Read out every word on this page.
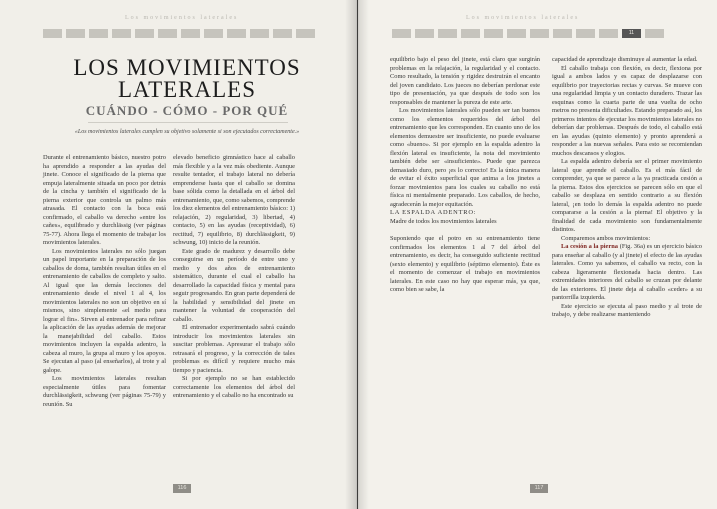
Los movimientos laterales
LOS MOVIMIENTOS
LATERALES
CUÁNDO - CÓMO - POR QUÉ

«Los movimientos laterales cumplen su objetivo solamente si son ejecutados correctamente.»

Durante el entrenamiento básico, nuestro potro ha aprendido a responder a las ayudas del jinete. Conoce el significado de la pierna que empuja lateralmente situada un poco por detrás de la cincha y también el significado de la pierna exterior que controla un palmo más atrasada. El contacto con la boca está confirmado, el caballo va derecho «entre los cañes», equilibrado y durchlässig (ver páginas 75-77). Ahora llega el momento de trabajar los movimientos laterales.

Los movimientos laterales no sólo juegan un papel importante en la preparación de los caballos de doma, también resultan útiles en el entrenamiento de caballos de completo y salto. Al igual que las demás lecciones del entrenamiento desde el nivel 1 al 4, los movimientos laterales no son un objetivo en sí mismos, sino simplemente «el medio para lograr el fin». Sirven al entrenador para refinar la aplicación de las ayudas además de mejorar la manejabilidad del caballo. Estos movimientos incluyen la espalda adentro, la cabeza al muro, la grupa al muro y los apoyos. Se ejecutan al paso (al enseñarlos), al trote y al galope.

Los movimientos laterales resultan especialmente útiles para fomentar durchlässigkeit, schwung (ver páginas 75-79) y reunión. Su

elevado beneficio gimnástico hace al caballo más flexible y a la vez más obediente. Aunque resulte tentador, el trabajo lateral no debería emprenderse hasta que el caballo se domina base sólida como la detallada en el árbol del entrenamiento, que, como sabemos, comprende los diez elementos del entrenamiento básico: 1) relajación, 2) regularidad, 3) libertad, 4) contacto, 5) en las ayudas (receptividad), 6) rectitud, 7) equilibrio, 8) durchlässigkeit, 9) schwung, 10) inicio de la reunión.

Este grado de madurez y desarrollo debe conseguirse en un período de entre uno y medio y dos años de entrenamiento sistemático, durante el cual el caballo ha desarrollado la capacidad física y mental para seguir progresando. En gran parte dependerá de la habilidad y sensibilidad del jinete en mantener la voluntad de cooperación del caballo.

El entrenador experimentado sabrá cuándo introducir los movimientos laterales sin suscitar problemas. Apresurar el trabajo sólo retrasará el progreso, y la corrección de tales problemas es difícil y requiere mucho más tiempo y paciencia.

Si por ejemplo no se han establecido correctamente los elementos del árbol del entrenamiento y el caballo no ha encontrado su

116
Los movimientos laterales
11

equilibrio bajo el peso del jinete, está claro que surgirán problemas en la relajación, la regularidad y el contacto. Como resultado, la tensión y rigidez destruirán el encanto del joven candidato. Los jueces no deberían perdonar este tipo de presentación, ya que después de todo son los responsables de mantener la pureza de este arte.

Los movimientos laterales sólo pueden ser tan buenos como los elementos requeridos del árbol del entrenamiento que les corresponden. En cuanto uno de los elementos demuestre ser insuficiente, no puede evaluarse como «bueno». Si por ejemplo en la espalda adentro la flexión lateral es insuficiente, la nota del movimiento también debe ser «insuficiente». Puede que parezca demasiado duro, pero ¡es lo correcto! Es la única manera de evitar el éxito superficial que anima a los jinetes a forzar movimientos para los cuales su caballo no está física ni mentalmente preparado. Los caballos, de hecho, agradecerán la mejor equitación.

LA ESPALDA ADENTRO:

Madre de todos los movimientos laterales

Suponiendo que el potro en su entrenamiento tiene confirmados los elementos 1 al 7 del árbol del entrenamiento, es decir, ha conseguido suficiente rectitud (sexto elemento) y equilibrio (séptimo elemento). Éste es el momento de comenzar el trabajo en movimientos laterales. En este caso no hay que esperar más, ya que, como bien se sabe, la

capacidad de aprendizaje disminuye al aumentar la edad.

El caballo trabaja con flexión, es decir, flexiona por igual a ambos lados y es capaz de desplazarse con equilibrio por trayectorias rectas y curvas. Se mueve con una regularidad limpia y un contacto duradero. Trazar las esquinas como la cuarta parte de una vuelta de ocho metros no presenta dificultades. Estando preparado así, los primeros intentos de ejecutar los movimientos laterales no deberían dar problemas. Después de todo, el caballo está en las ayudas (quinto elemento) y pronto aprenderá a responder a las nuevas señales. Para esto se recomiendan muchos descansos y elogios.

La espalda adentro debería ser el primer movimiento lateral que aprende el caballo. Es el más fácil de comprender, ya que se parece a la ya practicada cesión a la pierna. Estos dos ejercicios se parecen sólo en que el caballo se desplaza en sentido contrario a su flexión lateral, ¡en todo lo demás la espalda adentro no puede compararse a la cesión a la pierna! El objetivo y la finalidad de cada movimiento son fundamentalmente distintos.

Comparemos ambos movimientos:

La cesión a la pierna (Fig. 36a) es un ejercicio básico para enseñar al caballo (y al jinete) el efecto de las ayudas laterales. Como ya sabemos, el caballo va recto, con la cabeza ligeramente flexionada hacia dentro. Las extremidades interiores del caballo se cruzan por delante de las exteriores. El jinete deja al caballo «ceder» a su pantorrilla izquierda.

Este ejercicio se ejecuta al paso medio y al trote de trabajo, y debe realizarse manteniendo

117
